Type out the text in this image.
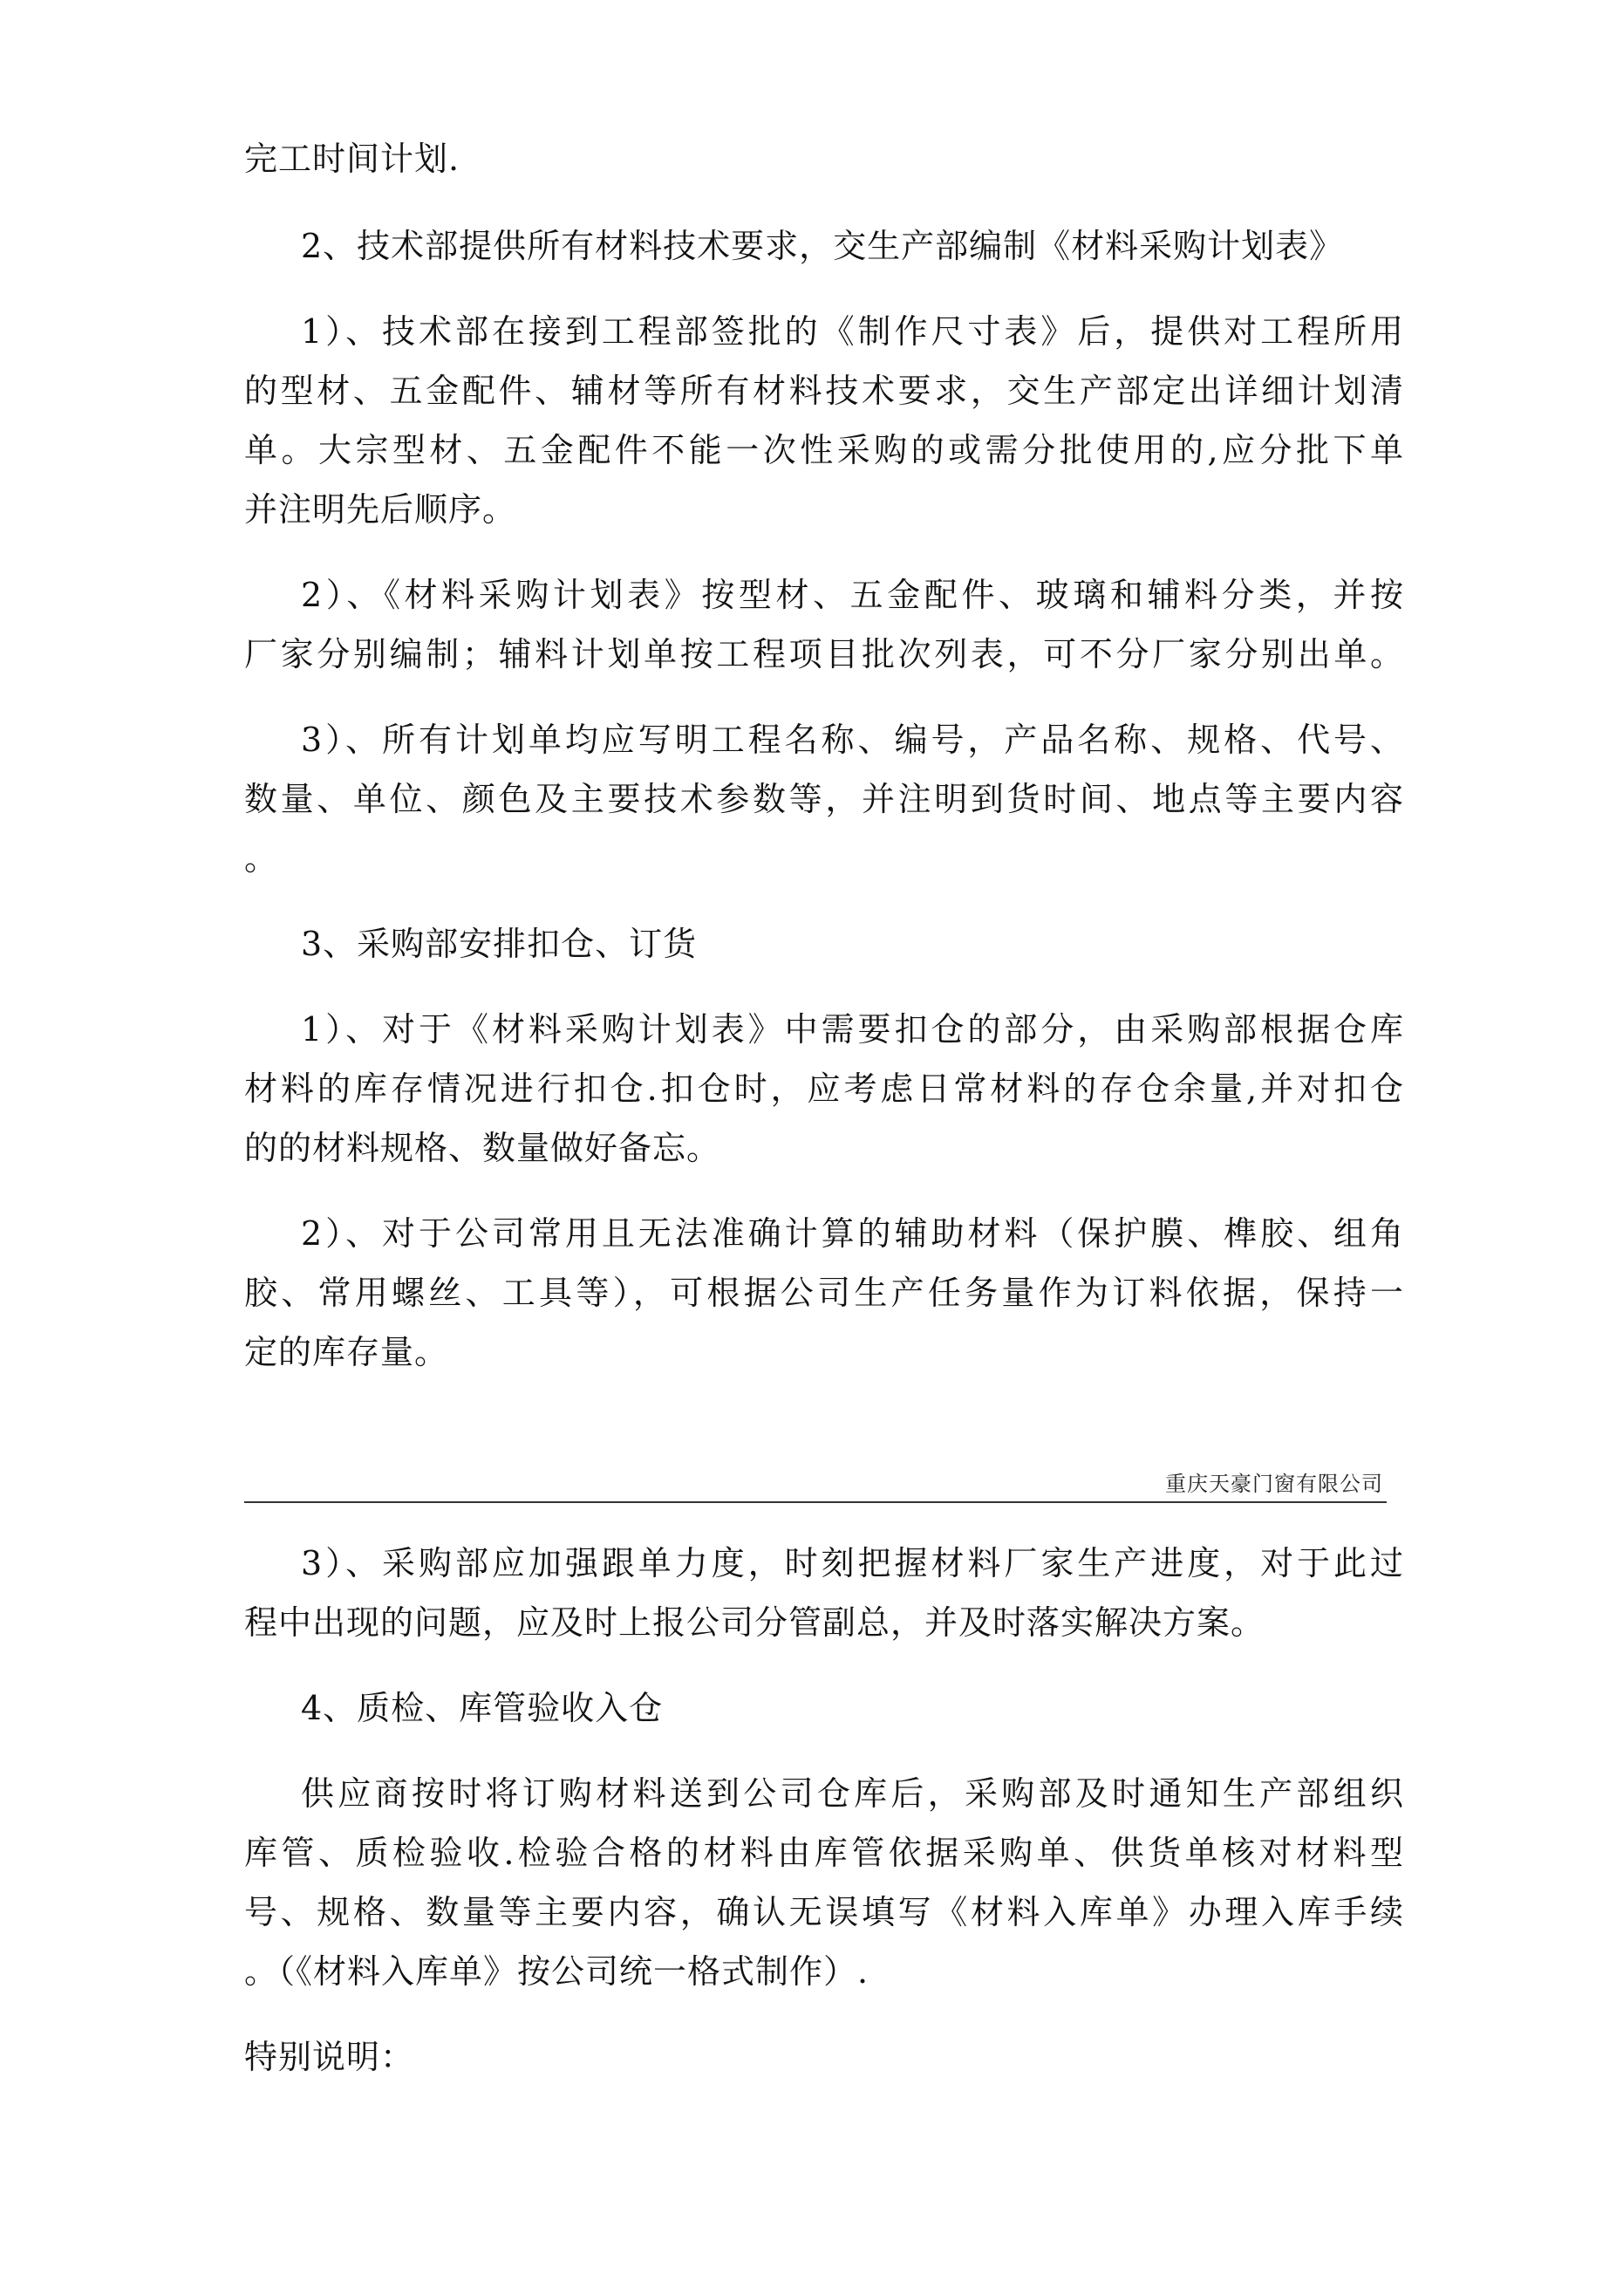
完工时间计划.
2、技术部提供所有材料技术要求，交生产部编制《材料采购计划表》
1）、技术部在接到工程部签批的《制作尺寸表》后，提供对工程所用
的型材、五金配件、辅材等所有材料技术要求，交生产部定出详细计划清
单。大宗型材、五金配件不能一次性采购的或需分批使用的,应分批下单
并注明先后顺序。
2）、《材料采购计划表》按型材、五金配件、玻璃和辅料分类，并按
厂家分别编制；辅料计划单按工程项目批次列表，可不分厂家分别出单。
3）、所有计划单均应写明工程名称、编号，产品名称、规格、代号、
数量、单位、颜色及主要技术参数等，并注明到货时间、地点等主要内容
。
3、采购部安排扣仓、订货
1）、对于《材料采购计划表》中需要扣仓的部分，由采购部根据仓库
材料的库存情况进行扣仓.扣仓时，应考虑日常材料的存仓余量,并对扣仓
的的材料规格、数量做好备忘。
2）、对于公司常用且无法准确计算的辅助材料（保护膜、榫胶、组角
胶、常用螺丝、工具等），可根据公司生产任务量作为订料依据，保持一
定的库存量。
重庆天豪门窗有限公司
3）、采购部应加强跟单力度，时刻把握材料厂家生产进度，对于此过
程中出现的问题，应及时上报公司分管副总，并及时落实解决方案。
4、质检、库管验收入仓
供应商按时将订购材料送到公司仓库后，采购部及时通知生产部组织
库管、质检验收.检验合格的材料由库管依据采购单、供货单核对材料型
号、规格、数量等主要内容，确认无误填写《材料入库单》办理入库手续
。（《材料入库单》按公司统一格式制作）.
特别说明：
